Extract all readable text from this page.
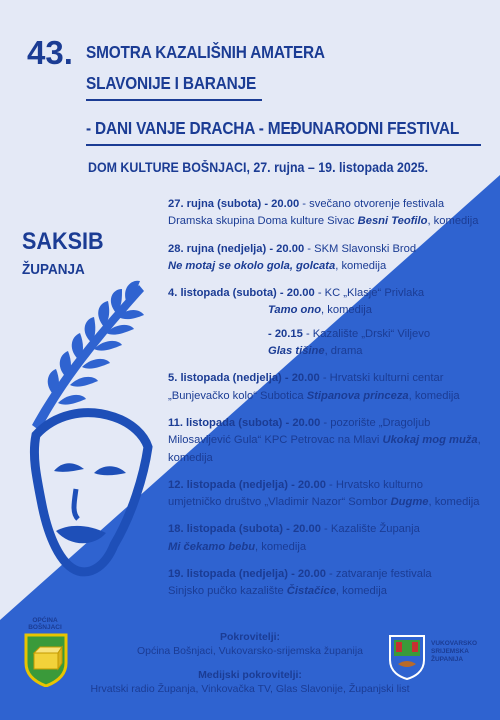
43. SMOTRA KAZALIŠNIH AMATERA
SLAVONIJE I BARANJE
- DANI VANJE DRACHA - MEĐUNARODNI FESTIVAL
DOM KULTURE BOŠNJACI, 27. rujna – 19. listopada 2025.
SAKSIB
ŽUPANJA
27. rujna (subota) - 20.00 - svečano otvorenje festivala
Dramska skupina Doma kulture Sivac Besni Teofilo, komedija
28. rujna (nedjelja) - 20.00 - SKM Slavonski Brod
Ne motaj se okolo gola, golcata, komedija
4. listopada (subota) - 20.00 - KC „Klasje“ Privlaka
Tamo ono, komedija
- 20.15 - Kazalište „Drski“ Viljevo
Glas tišine, drama
5. listopada (nedjelja) - 20.00 - Hrvatski kulturni centar
„Bunjevačko kolo“ Subotica Stipanova princeza, komedija
11. listopada (subota) - 20.00 - pozorište „Dragoljub
Milosavljević Gula“ KPC Petrovac na Mlavi Ukokaj mog muža,
komedija
12. listopada (nedjelja) - 20.00 - Hrvatsko kulturno
umjetničko društvo „Vladimir Nazor“ Sombor Dugme, komedija
18. listopada (subota) - 20.00 - Kazalište Županja
Mi čekamo bebu, komedija
19. listopada (nedjelja) - 20.00 - zatvaranje festivala
Sinjsko pučko kazalište Čistačice, komedija
OPĆINA
BOŠNJACI
Pokrovitelji:
Općina Bošnjaci, Vukovarsko-srijemska županija
Medijski pokrovitelji:
Hrvatski radio Županja, Vinkovačka TV, Glas Slavonije, Županjski list
VUKOVARSKO
SRIJEMSKA
ŽUPANIJA
